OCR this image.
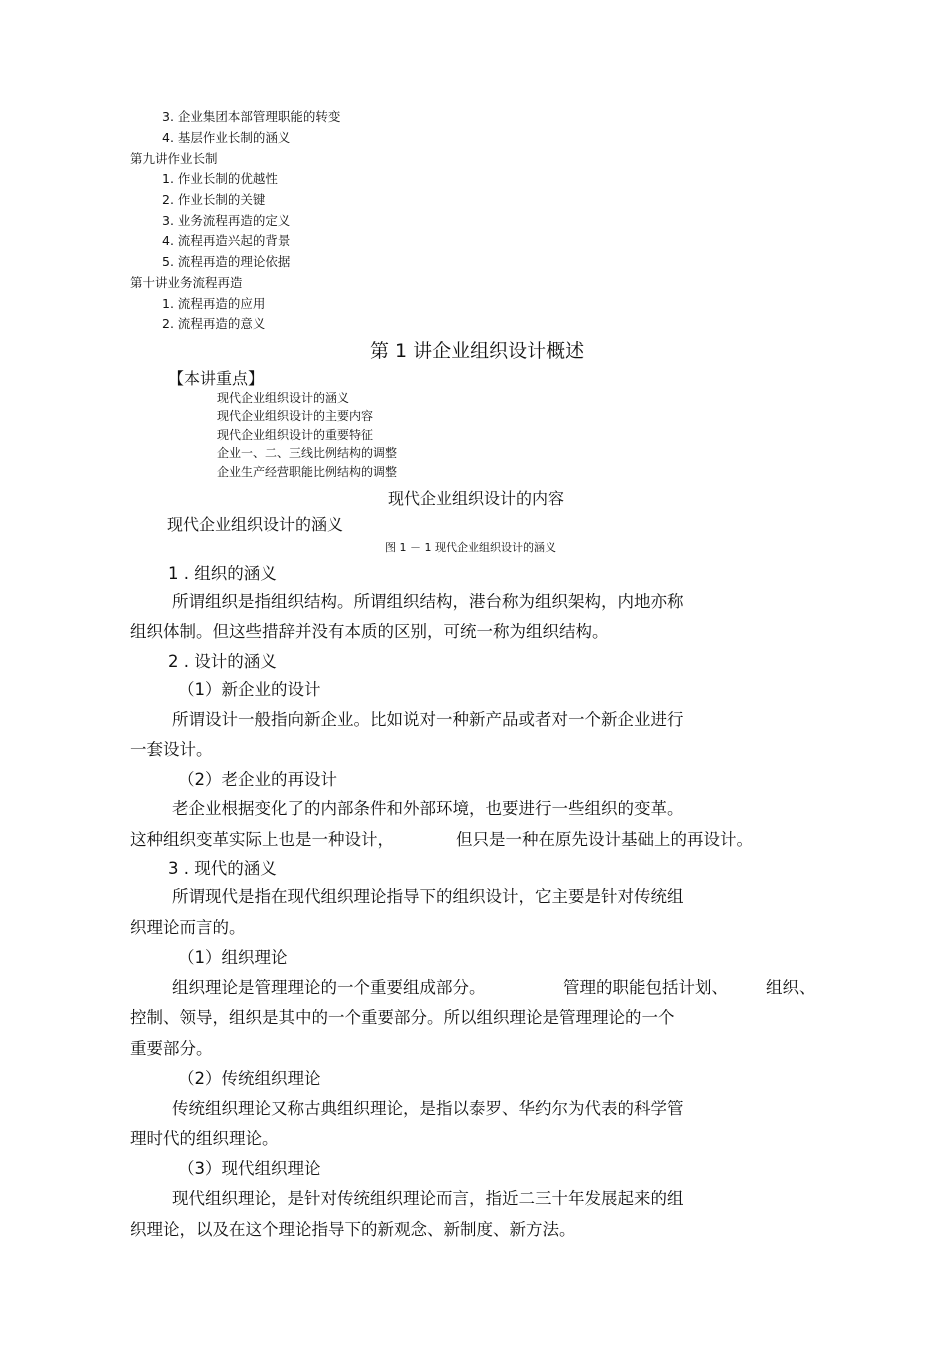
3. 企业集团本部管理职能的转变
4. 基层作业长制的涵义
第九讲作业长制
1. 作业长制的优越性
2. 作业长制的关键
3. 业务流程再造的定义
4. 流程再造兴起的背景
5. 流程再造的理论依据
第十讲业务流程再造
1. 流程再造的应用
2. 流程再造的意义
第 1 讲企业组织设计概述
【本讲重点】
现代企业组织设计的涵义
现代企业组织设计的主要内容
现代企业组织设计的重要特征
企业一、二、三线比例结构的调整
企业生产经营职能比例结构的调整
现代企业组织设计的内容
现代企业组织设计的涵义
图 1 － 1 现代企业组织设计的涵义
1 . 组织的涵义
所谓组织是指组织结构。所谓组织结构，港台称为组织架构，内地亦称
组织体制。但这些措辞并没有本质的区别，可统一称为组织结构。
2 . 设计的涵义
（1）新企业的设计
所谓设计一般指向新企业。比如说对一种新产品或者对一个新企业进行
一套设计。
（2）老企业的再设计
老企业根据变化了的内部条件和外部环境，也要进行一些组织的变革。
这种组织变革实际上也是一种设计，	但只是一种在原先设计基础上的再设计。
3 . 现代的涵义
所谓现代是指在现代组织理论指导下的组织设计，它主要是针对传统组
织理论而言的。
（1）组织理论
组织理论是管理理论的一个重要组成部分。	管理的职能包括计划、 组织、
控制、领导，组织是其中的一个重要部分。所以组织理论是管理理论的一个
重要部分。
（2）传统组织理论
传统组织理论又称古典组织理论，是指以泰罗、华约尔为代表的科学管
理时代的组织理论。
（3）现代组织理论
现代组织理论，是针对传统组织理论而言，指近二三十年发展起来的组
织理论，以及在这个理论指导下的新观念、新制度、新方法。
